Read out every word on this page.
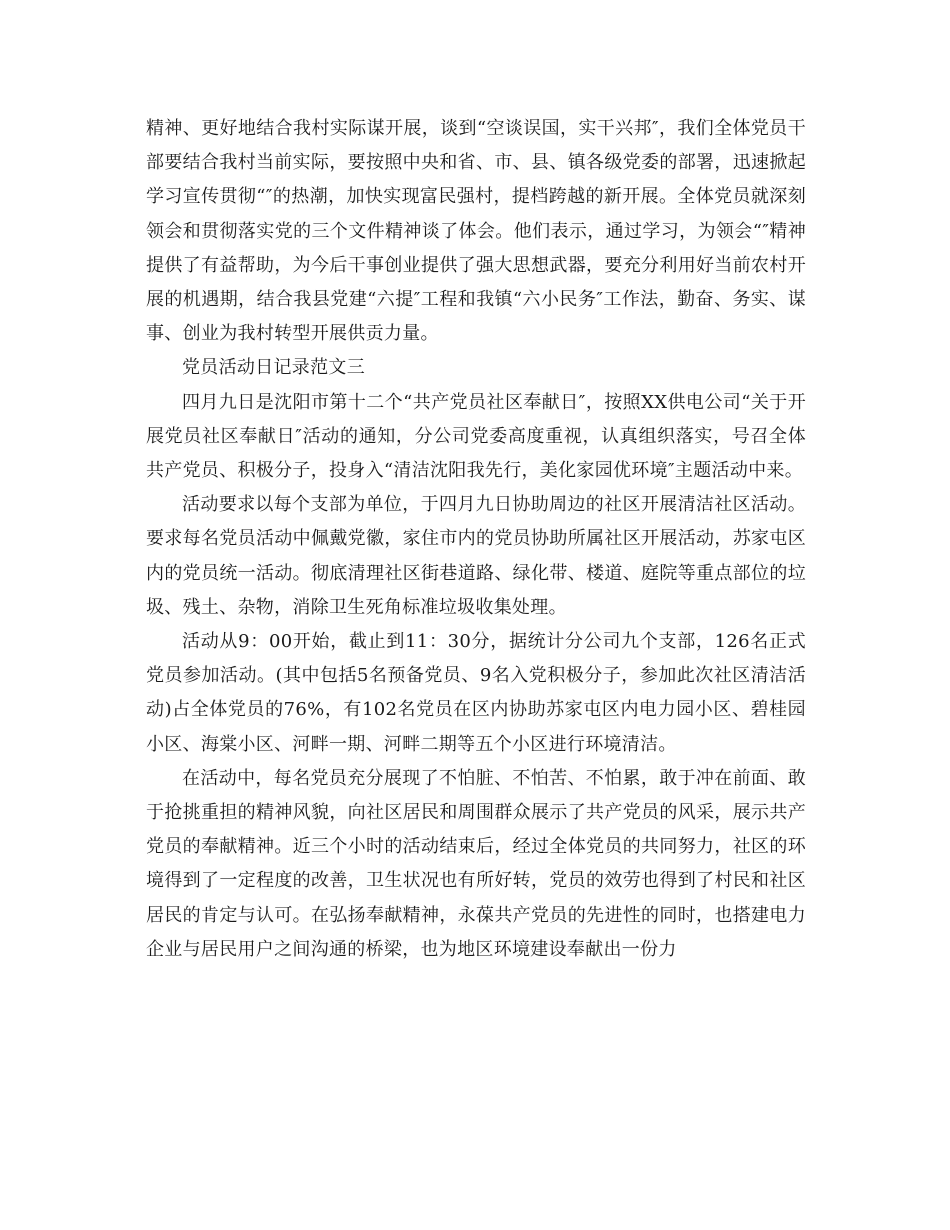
精神、更好地结合我村实际谋开展，谈到“空谈误国，实干兴邦″，我们全体党员干部要结合我村当前实际，要按照中央和省、市、县、镇各级党委的部署，迅速掀起学习宣传贯彻“″的热潮，加快实现富民强村，提档跨越的新开展。全体党员就深刻领会和贯彻落实党的三个文件精神谈了体会。他们表示，通过学习，为领会“″精神提供了有益帮助，为今后干事创业提供了强大思想武器，要充分利用好当前农村开展的机遇期，结合我县党建“六提″工程和我镇“六小民务″工作法，勤奋、务实、谋事、创业为我村转型开展供贡力量。

党员活动日记录范文三

四月九日是沈阳市第十二个“共产党员社区奉献日″，按照XX供电公司“关于开展党员社区奉献日″活动的通知，分公司党委高度重视，认真组织落实，号召全体共产党员、积极分子，投身入“清洁沈阳我先行，美化家园优环境″主题活动中来。

活动要求以每个支部为单位，于四月九日协助周边的社区开展清洁社区活动。要求每名党员活动中佩戴党徽，家住市内的党员协助所属社区开展活动，苏家屯区内的党员统一活动。彻底清理社区街巷道路、绿化带、楼道、庭院等重点部位的垃圾、残土、杂物，消除卫生死角标准垃圾收集处理。

活动从9：00开始，截止到11：30分，据统计分公司九个支部，126名正式党员参加活动。(其中包括5名预备党员、9名入党积极分子，参加此次社区清洁活动)占全体党员的76%，有102名党员在区内协助苏家屯区内电力园小区、碧桂园小区、海棠小区、河畔一期、河畔二期等五个小区进行环境清洁。

在活动中，每名党员充分展现了不怕脏、不怕苦、不怕累，敢于冲在前面、敢于抢挑重担的精神风貌，向社区居民和周围群众展示了共产党员的风采，展示共产党员的奉献精神。近三个小时的活动结束后，经过全体党员的共同努力，社区的环境得到了一定程度的改善，卫生状况也有所好转，党员的效劳也得到了村民和社区居民的肯定与认可。在弘扬奉献精神，永葆共产党员的先进性的同时，也搭建电力企业与居民用户之间沟通的桥梁，也为地区环境建设奉献出一份力
